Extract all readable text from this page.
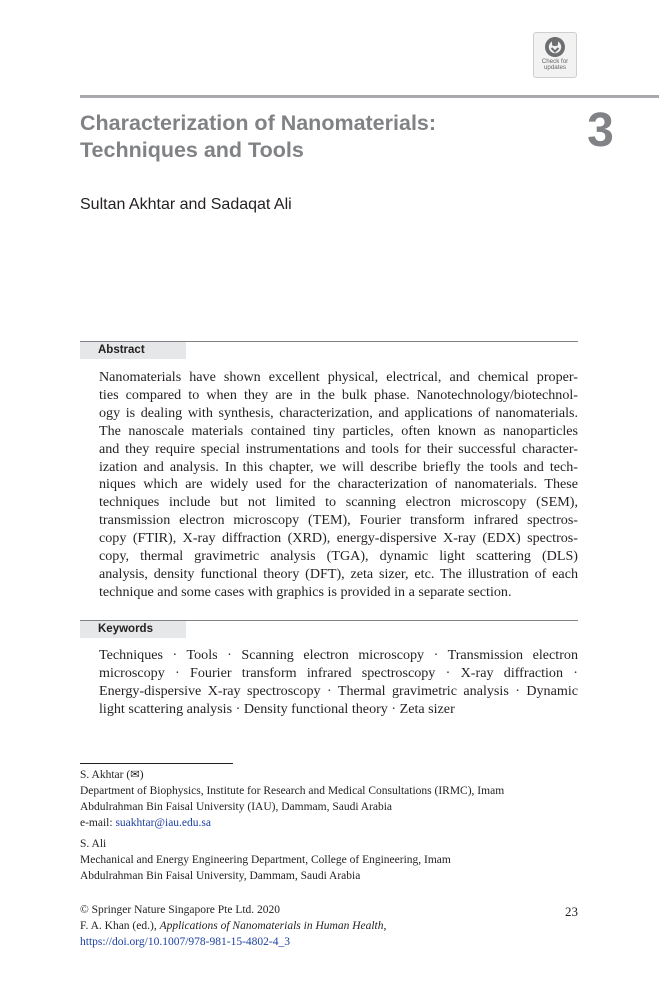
Check for
updates
Characterization of Nanomaterials:
Techniques and Tools	3
Sultan Akhtar and Sadaqat Ali
Abstract

Nanomaterials have shown excellent physical, electrical, and chemical proper-
ties compared to when they are in the bulk phase. Nanotechnology/biotechnol-
ogy is dealing with synthesis, characterization, and applications of nanomaterials.
The nanoscale materials contained tiny particles, often known as nanoparticles
and they require special instrumentations and tools for their successful character-
ization and analysis. In this chapter, we will describe briefly the tools and tech-
niques which are widely used for the characterization of nanomaterials. These
techniques include but not limited to scanning electron microscopy (SEM),
transmission electron microscopy (TEM), Fourier transform infrared spectros-
copy (FTIR), X-ray diffraction (XRD), energy-dispersive X-ray (EDX) spectros-
copy, thermal gravimetric analysis (TGA), dynamic light scattering (DLS)
analysis, density functional theory (DFT), zeta sizer, etc. The illustration of each
technique and some cases with graphics is provided in a separate section.

Keywords

Techniques · Tools · Scanning electron microscopy · Transmission electron
microscopy · Fourier transform infrared spectroscopy · X-ray diffraction ·
Energy-dispersive X-ray spectroscopy · Thermal gravimetric analysis · Dynamic
light scattering analysis · Density functional theory · Zeta sizer

S. Akhtar (✉)

Department of Biophysics, Institute for Research and Medical Consultations (IRMC), Imam
Abdulrahman Bin Faisal University (IAU), Dammam, Saudi Arabia
e-mail: suakhtar@iau.edu.sa

S. Ali

Mechanical and Energy Engineering Department, College of Engineering, Imam
Abdulrahman Bin Faisal University, Dammam, Saudi Arabia

© Springer Nature Singapore Pte Ltd. 2020
F. A. Khan (ed.), Applications of Nanomaterials in Human Health,
https://doi.org/10.1007/978-981-15-4802-4_3

23
